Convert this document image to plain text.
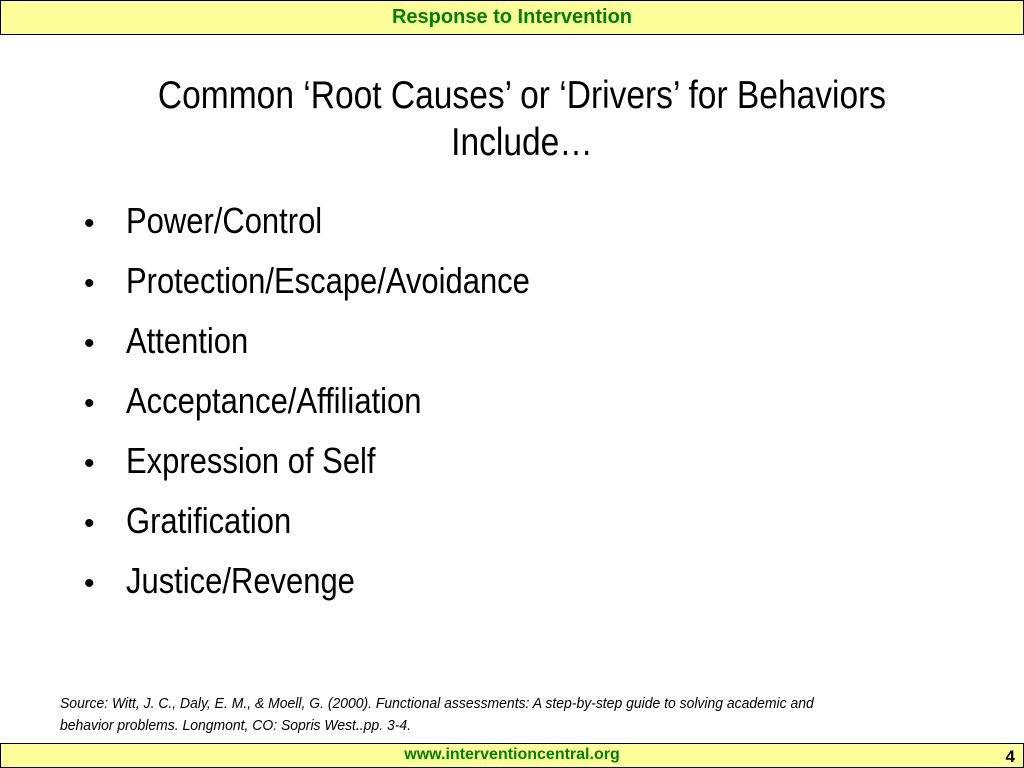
Response to Intervention
Common ‘Root Causes’ or ‘Drivers’ for Behaviors
Include…
• Power/Control
• Protection/Escape/Avoidance
• Attention
• Acceptance/Affiliation
• Expression of Self
• Gratification
• Justice/Revenge
Source: Witt, J. C., Daly, E. M., & Moell, G. (2000). Functional assessments: A step-by-step guide to solving academic and
behavior problems. Longmont, CO: Sopris West..pp. 3-4.
www.interventioncentral.org	4
